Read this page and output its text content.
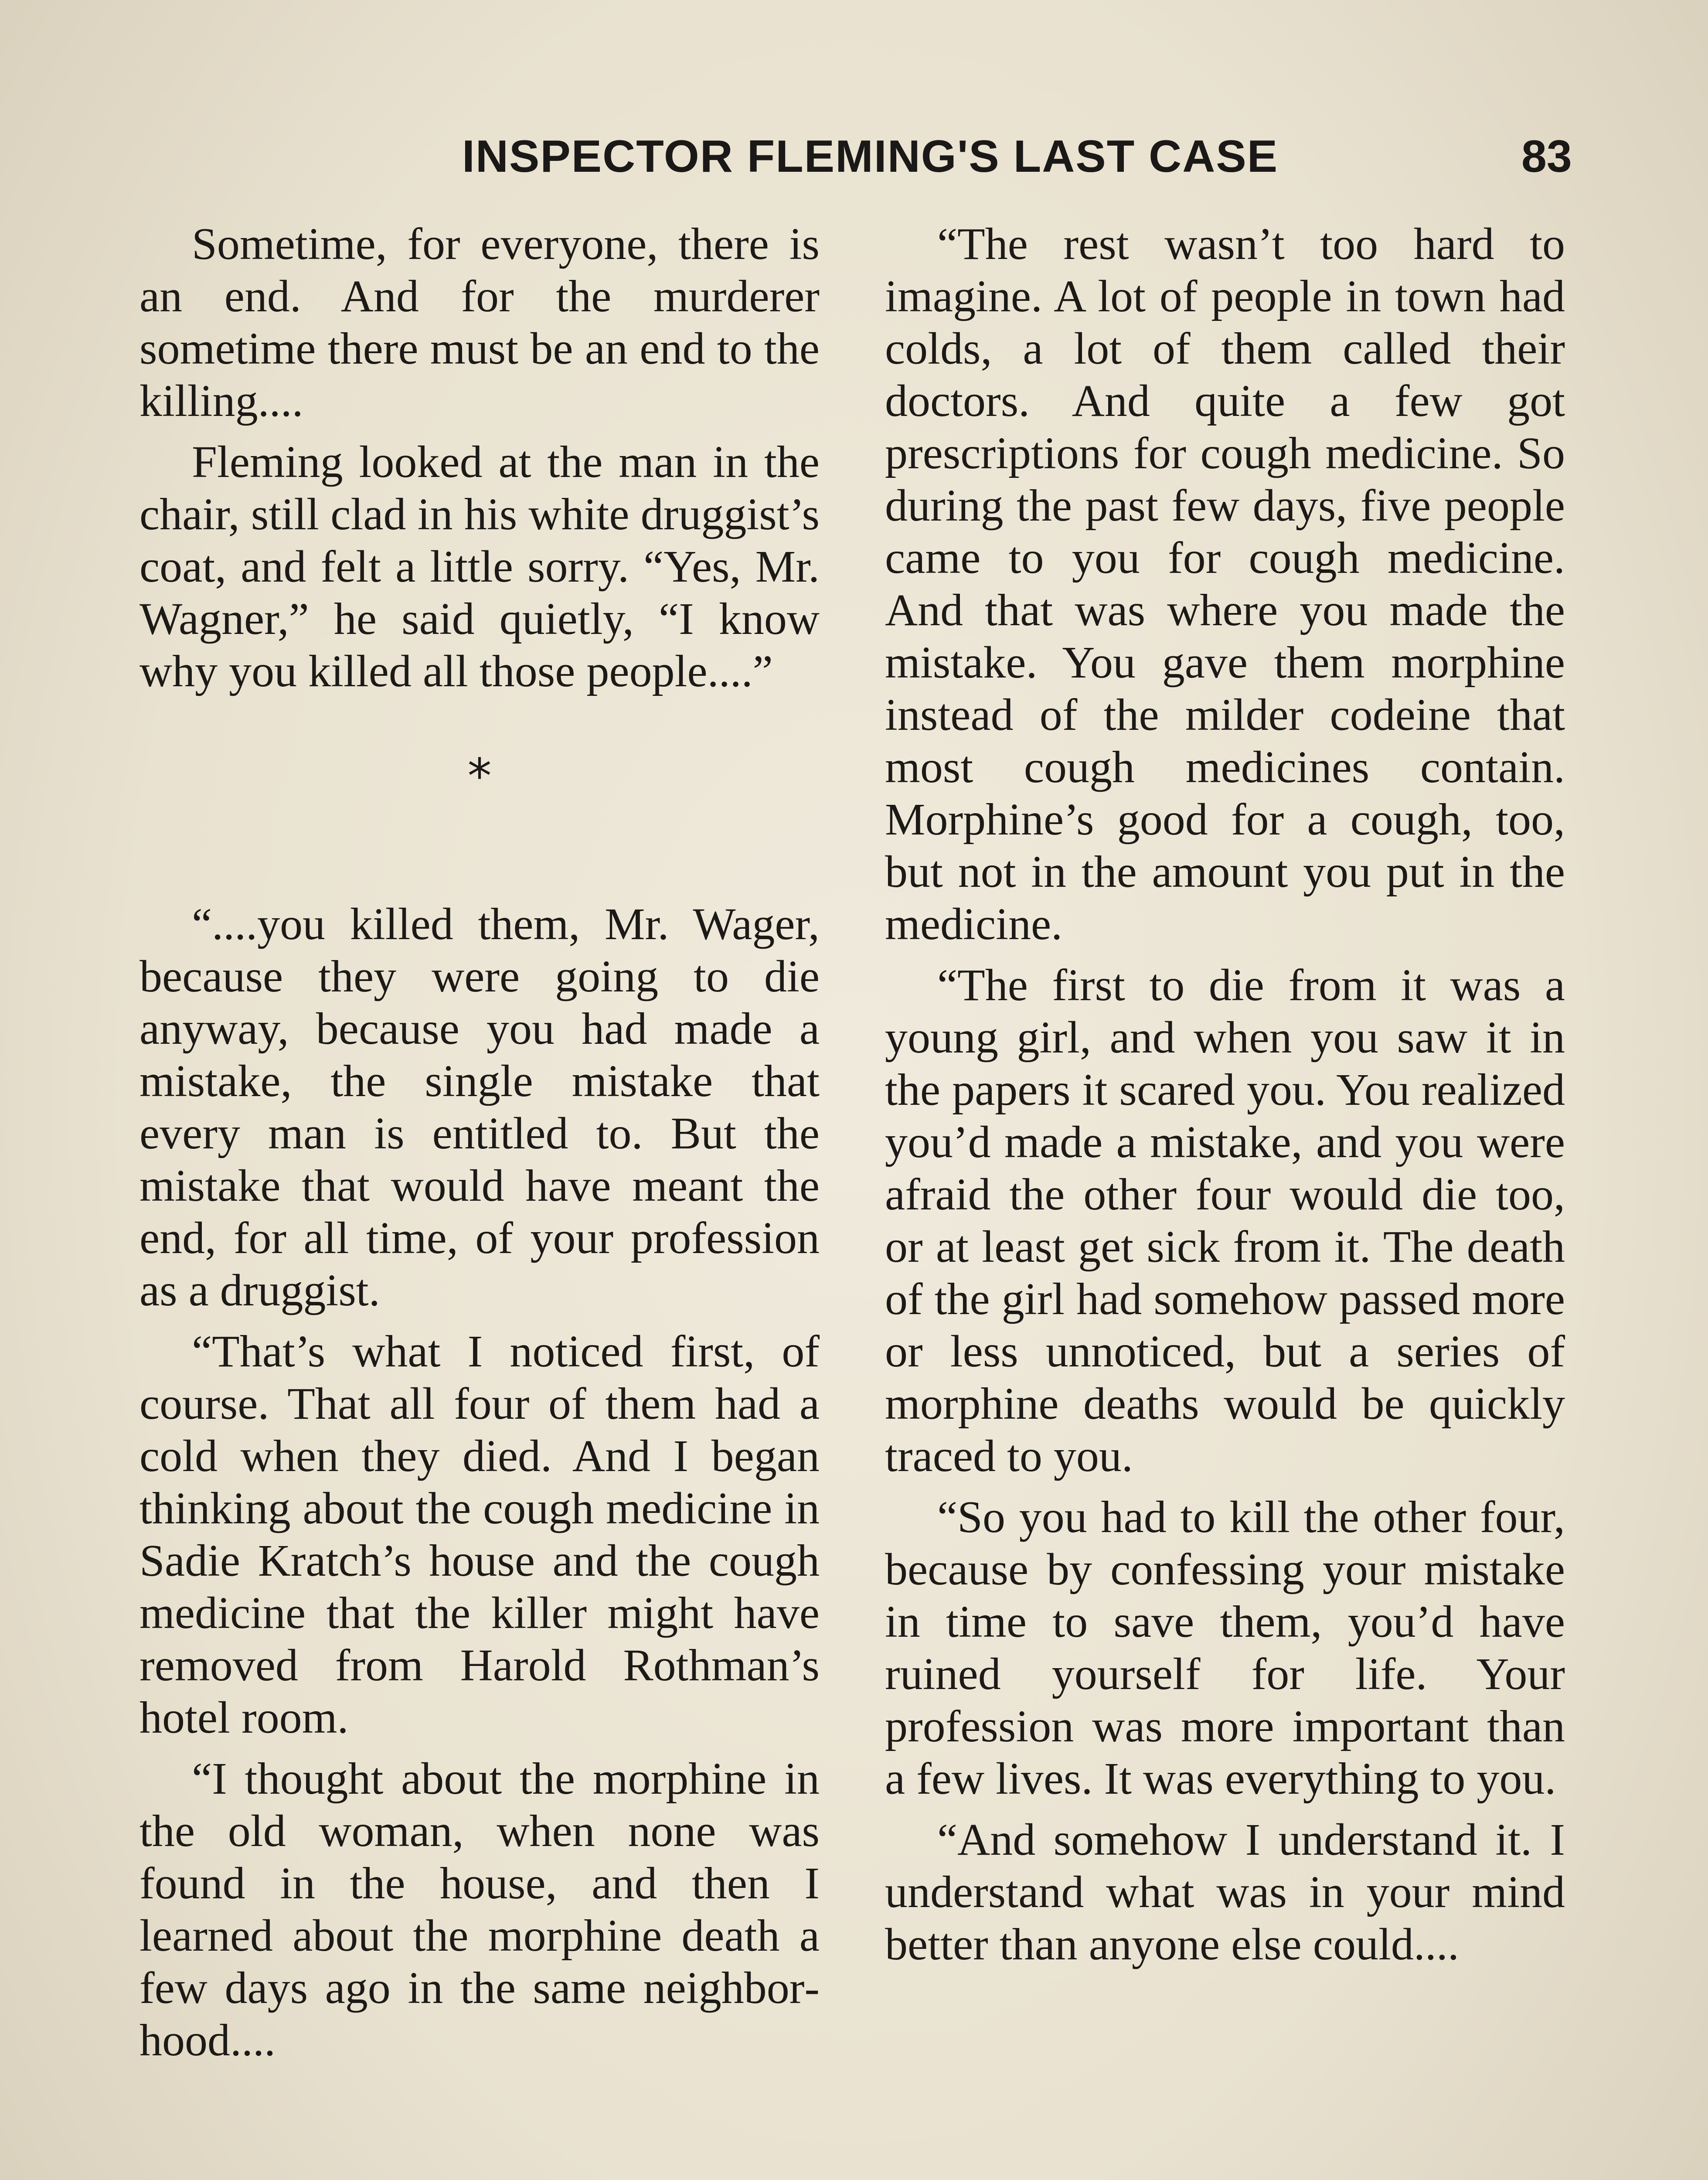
INSPECTOR FLEMING'S LAST CASE	83

Sometime, for everyone, there is an end. And for the murderer sometime there must be an end to the killing....

Fleming looked at the man in the chair, still clad in his white druggist’s coat, and felt a little sorry. “Yes, Mr. Wagner,” he said quietly, “I know why you killed all those people....”

*

“....you killed them, Mr. Wager, because they were going to die anyway, because you had made a mistake, the single mistake that every man is entitled to. But the mistake that would have meant the end, for all time, of your profession as a druggist.

“That’s what I noticed first, of course. That all four of them had a cold when they died. And I began thinking about the cough medicine in Sadie Kratch’s house and the cough medicine that the killer might have removed from Harold Rothman’s hotel room.

“I thought about the morphine in the old woman, when none was found in the house, and then I learned about the morphine death a few days ago in the same neighborhood....

“The rest wasn’t too hard to imagine. A lot of people in town had colds, a lot of them called their doctors. And quite a few got prescriptions for cough medicine. So during the past few days, five people came to you for cough medicine. And that was where you made the mistake. You gave them morphine instead of the milder codeine that most cough medicines contain. Morphine’s good for a cough, too, but not in the amount you put in the medicine.

“The first to die from it was a young girl, and when you saw it in the papers it scared you. You realized you’d made a mistake, and you were afraid the other four would die too, or at least get sick from it. The death of the girl had somehow passed more or less unnoticed, but a series of morphine deaths would be quickly traced to you.

“So you had to kill the other four, because by confessing your mistake in time to save them, you’d have ruined yourself for life. Your profession was more important than a few lives. It was everything to you.

“And somehow I understand it. I understand what was in your mind better than anyone else could....
